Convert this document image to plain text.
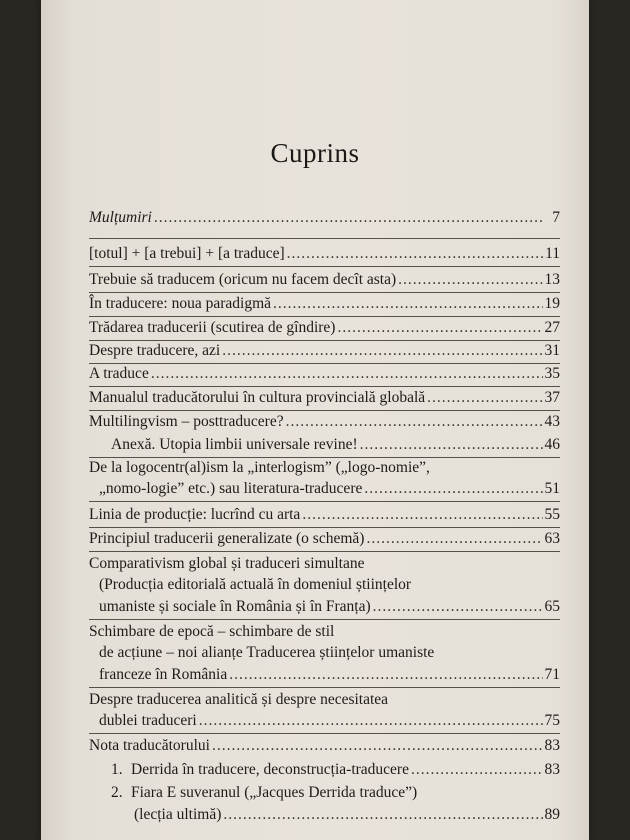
Cuprins
Mulțumiri .....	7
[totul] + [a trebui] + [a traduce] .....	11
Trebuie să traducem (oricum nu facem decît asta) .....	13
În traducere: noua paradigmă .....	19
Trădarea traducerii (scutirea de gîndire) .....	27
Despre traducere, azi .....	31
A traduce .....	35
Manualul traducătorului în cultura provincială globală .....	37
Multilingvism – posttraducere? .....	43
Anexă. Utopia limbii universale revine! .....	46
De la logocentr(al)ism la „interlogism” („logo-nomie”,
„nomo-logie” etc.) sau literatura-traducere .....	51
Linia de producție: lucrînd cu arta .....	55
Principiul traducerii generalizate (o schemă) .....	63
Comparativism global și traduceri simultane
(Producția editorială actuală în domeniul științelor
umaniste și sociale în România și în Franța) .....	65
Schimbare de epocă – schimbare de stil
de acțiune – noi alianțe Traducerea științelor umaniste
franceze în România .....	71
Despre traducerea analitică și despre necesitatea
dublei traduceri .....	75
Nota traducătorului .....	83
1. Derrida în traducere, deconstrucția-traducere .....	83
2. Fiara E suveranul („Jacques Derrida traduce”)
(lecția ultimă) .....	89
